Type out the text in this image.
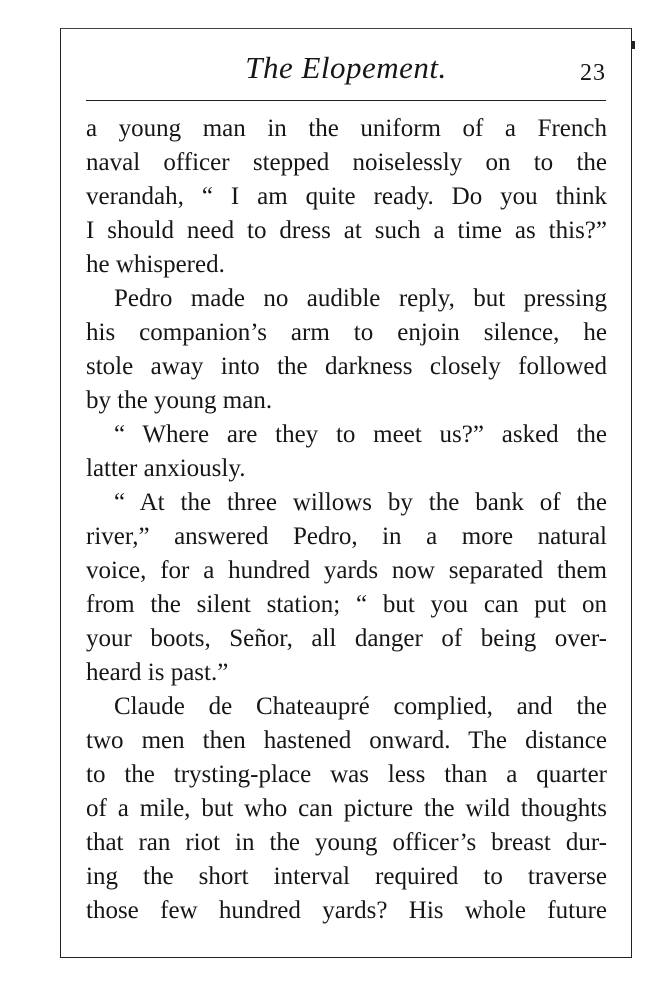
The Elopement.	23
a young man in the uniform of a French
naval officer stepped noiselessly on to the
verandah, “ I am quite ready. Do you think
I should need to dress at such a time as this?”
he whispered.
Pedro made no audible reply, but pressing
his companion’s arm to enjoin silence, he
stole away into the darkness closely followed
by the young man.
“ Where are they to meet us?” asked the
latter anxiously.
“ At the three willows by the bank of the
river,” answered Pedro, in a more natural
voice, for a hundred yards now separated them
from the silent station; “ but you can put on
your boots, Señor, all danger of being over-
heard is past.”
Claude de Chateaupré complied, and the
two men then hastened onward. The distance
to the trysting-place was less than a quarter
of a mile, but who can picture the wild thoughts
that ran riot in the young officer’s breast dur-
ing the short interval required to traverse
those few hundred yards? His whole future
